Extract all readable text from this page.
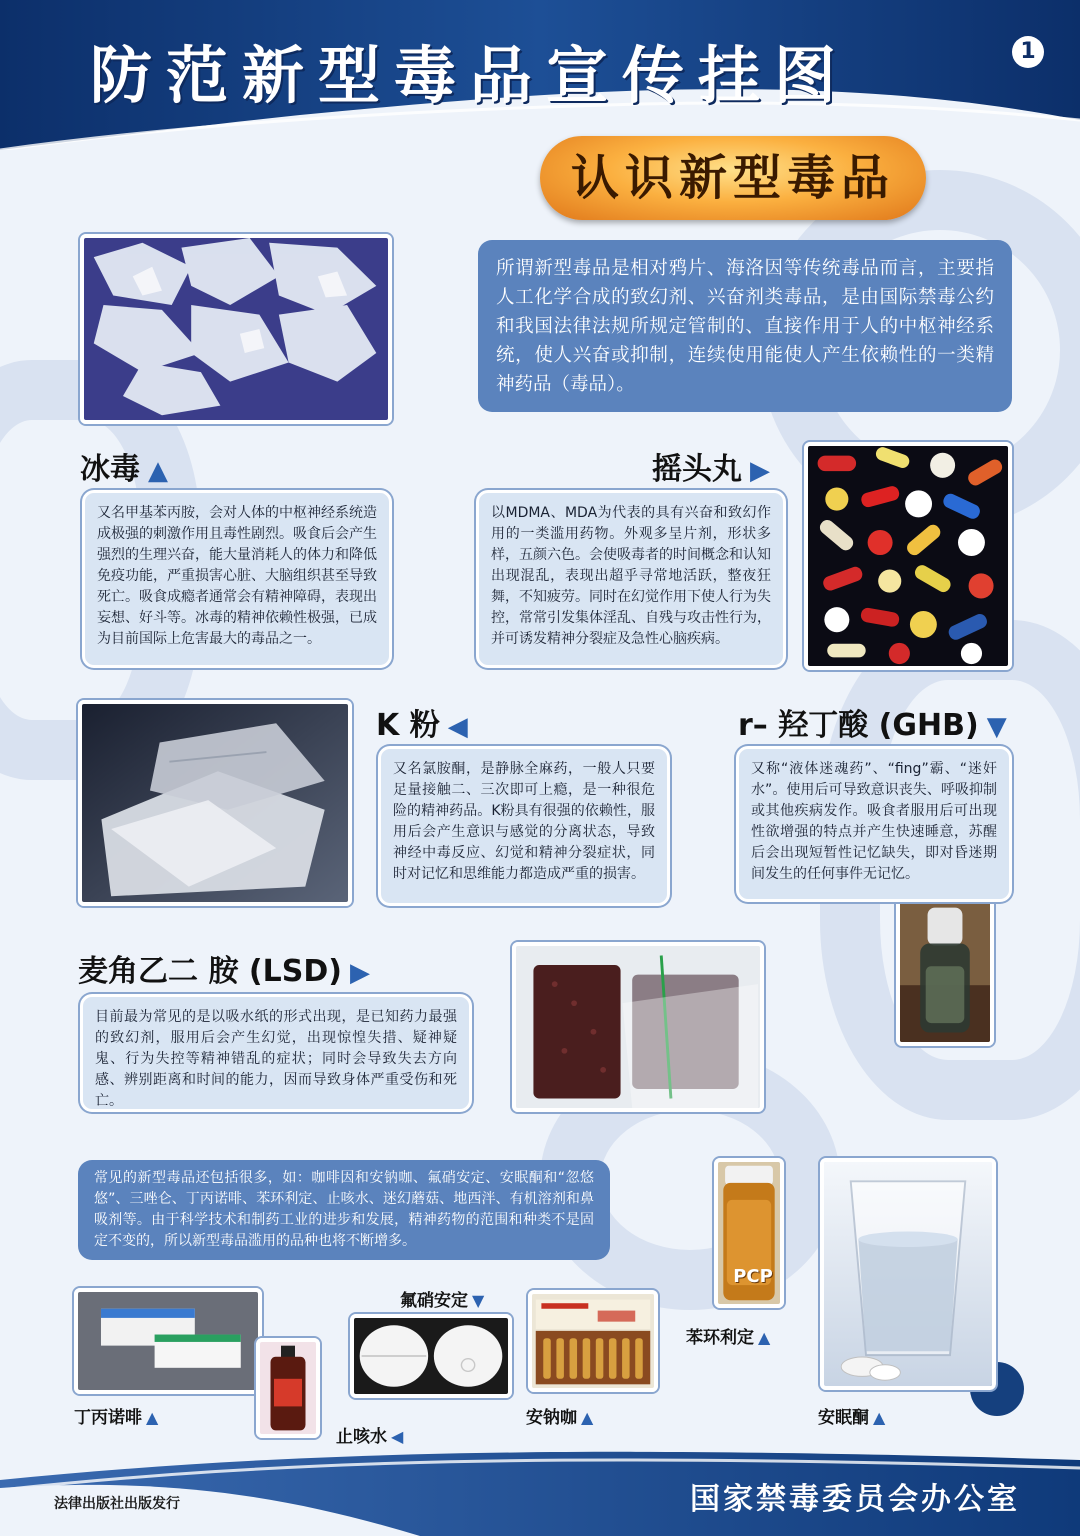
防范新型毒品宣传挂图	1
认识新型毒品
所谓新型毒品是相对鸦片、海洛因等传统毒品而言，主要指人工化学合成的致幻剂、兴奋剂类毒品，是由国际禁毒公约和我国法律法规所规定管制的、直接作用于人的中枢神经系统，使人兴奋或抑制，连续使用能使人产生依赖性的一类精神药品（毒品）。
冰毒 ▲
又名甲基苯丙胺，会对人体的中枢神经系统造成极强的刺激作用且毒性剧烈。吸食后会产生强烈的生理兴奋，能大量消耗人的体力和降低免疫功能，严重损害心脏、大脑组织甚至导致死亡。吸食成瘾者通常会有精神障碍，表现出妄想、好斗等。冰毒的精神依赖性极强，已成为目前国际上危害最大的毒品之一。
摇头丸 ▶
以MDMA、MDA为代表的具有兴奋和致幻作用的一类滥用药物。外观多呈片剂，形状多样，五颜六色。会使吸毒者的时间概念和认知出现混乱，表现出超乎寻常地活跃，整夜狂舞，不知疲劳。同时在幻觉作用下使人行为失控，常常引发集体淫乱、自残与攻击性行为，并可诱发精神分裂症及急性心脑疾病。
K 粉 ◀
又名氯胺酮，是静脉全麻药，一般人只要足量接触二、三次即可上瘾，是一种很危险的精神药品。K粉具有很强的依赖性，服用后会产生意识与感觉的分离状态，导致神经中毒反应、幻觉和精神分裂症状，同时对记忆和思维能力都造成严重的损害。
r– 羟丁酸 (GHB) ▼
又称“液体迷魂药”、“fing”霸、“迷奸水”。使用后可导致意识丧失、呼吸抑制或其他疾病发作。吸食者服用后可出现性欲增强的特点并产生快速睡意，苏醒后会出现短暂性记忆缺失，即对昏迷期间发生的任何事件无记忆。
麦角乙二 胺 (LSD) ▶
目前最为常见的是以吸水纸的形式出现，是已知药力最强的致幻剂，服用后会产生幻觉，出现惊惶失措、疑神疑鬼、行为失控等精神错乱的症状；同时会导致失去方向感、辨别距离和时间的能力，因而导致身体严重受伤和死亡。
常见的新型毒品还包括很多，如：咖啡因和安钠咖、氟硝安定、安眠酮和“忽悠悠”、三唑仑、丁丙诺啡、苯环利定、止咳水、迷幻蘑菇、地西泮、有机溶剂和鼻吸剂等。由于科学技术和制药工业的进步和发展，精神药物的范围和种类不是固定不变的，所以新型毒品滥用的品种也将不断增多。
丁丙诺啡 ▲
止咳水 ◀
氟硝安定 ▼
安钠咖 ▲
PCP
苯环利定 ▲
安眠酮 ▲
法律出版社出版发行	国家禁毒委员会办公室
